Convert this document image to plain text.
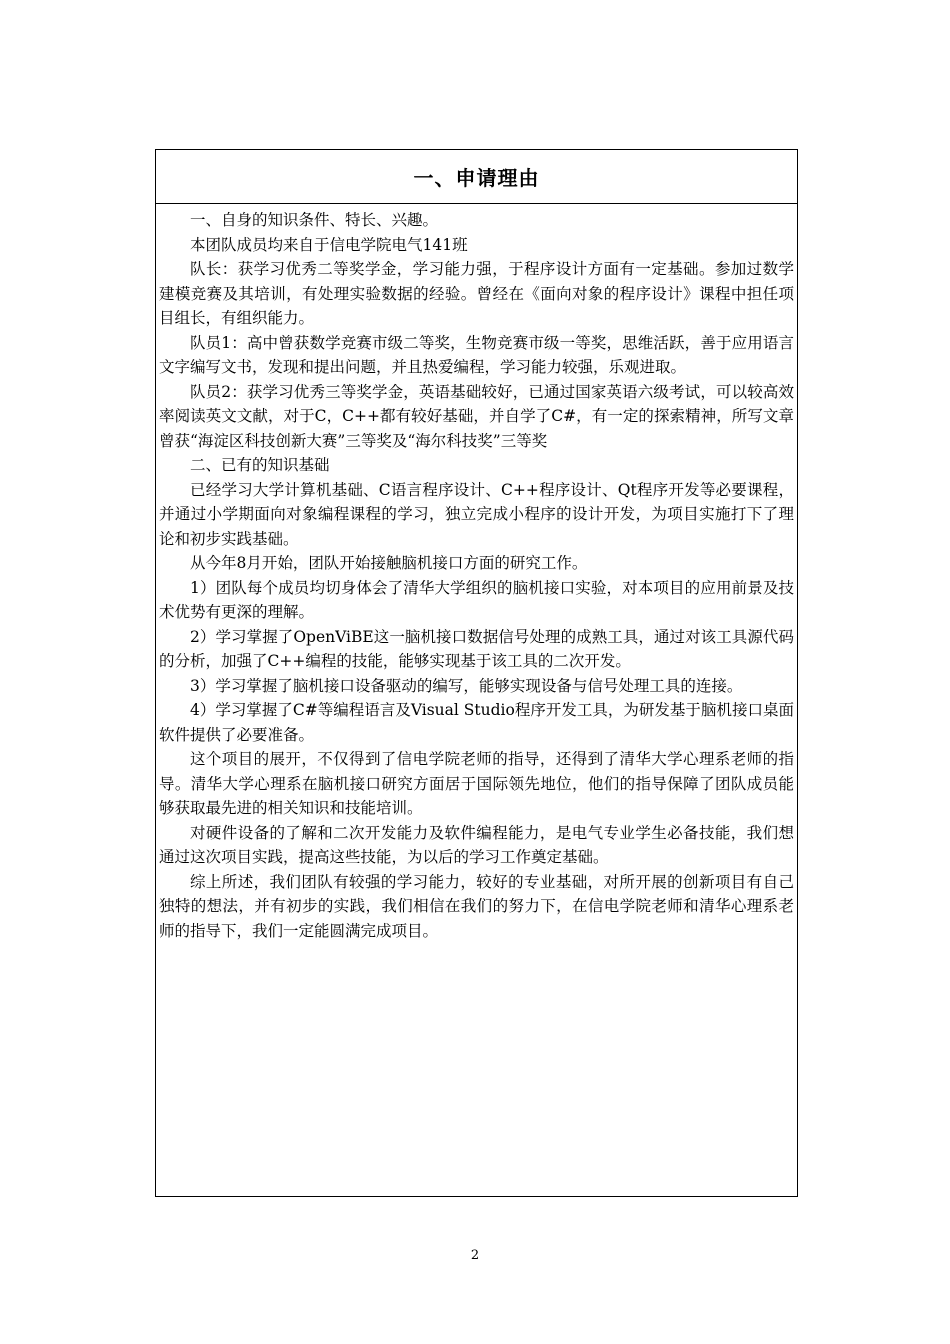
一、申请理由

一、自身的知识条件、特长、兴趣。

本团队成员均来自于信电学院电气141班

队长：获学习优秀二等奖学金，学习能力强，于程序设计方面有一定基础。参加过数学建模竞赛及其培训，有处理实验数据的经验。曾经在《面向对象的程序设计》课程中担任项目组长，有组织能力。

队员1：高中曾获数学竞赛市级二等奖，生物竞赛市级一等奖，思维活跃，善于应用语言文字编写文书，发现和提出问题，并且热爱编程，学习能力较强，乐观进取。

队员2：获学习优秀三等奖学金，英语基础较好，已通过国家英语六级考试，可以较高效率阅读英文文献，对于C，C++都有较好基础，并自学了C#，有一定的探索精神，所写文章曾获“海淀区科技创新大赛”三等奖及“海尔科技奖”三等奖

二、已有的知识基础

已经学习大学计算机基础、C语言程序设计、C++程序设计、Qt程序开发等必要课程，并通过小学期面向对象编程课程的学习，独立完成小程序的设计开发，为项目实施打下了理论和初步实践基础。

从今年8月开始，团队开始接触脑机接口方面的研究工作。

1）团队每个成员均切身体会了清华大学组织的脑机接口实验，对本项目的应用前景及技术优势有更深的理解。

2）学习掌握了OpenViBE这一脑机接口数据信号处理的成熟工具，通过对该工具源代码的分析，加强了C++编程的技能，能够实现基于该工具的二次开发。

3）学习掌握了脑机接口设备驱动的编写，能够实现设备与信号处理工具的连接。

4）学习掌握了C#等编程语言及Visual Studio程序开发工具，为研发基于脑机接口桌面软件提供了必要准备。

这个项目的展开，不仅得到了信电学院老师的指导，还得到了清华大学心理系老师的指导。清华大学心理系在脑机接口研究方面居于国际领先地位，他们的指导保障了团队成员能够获取最先进的相关知识和技能培训。

对硬件设备的了解和二次开发能力及软件编程能力，是电气专业学生必备技能，我们想通过这次项目实践，提高这些技能，为以后的学习工作奠定基础。

综上所述，我们团队有较强的学习能力，较好的专业基础，对所开展的创新项目有自己独特的想法，并有初步的实践，我们相信在我们的努力下，在信电学院老师和清华心理系老师的指导下，我们一定能圆满完成项目。

2
